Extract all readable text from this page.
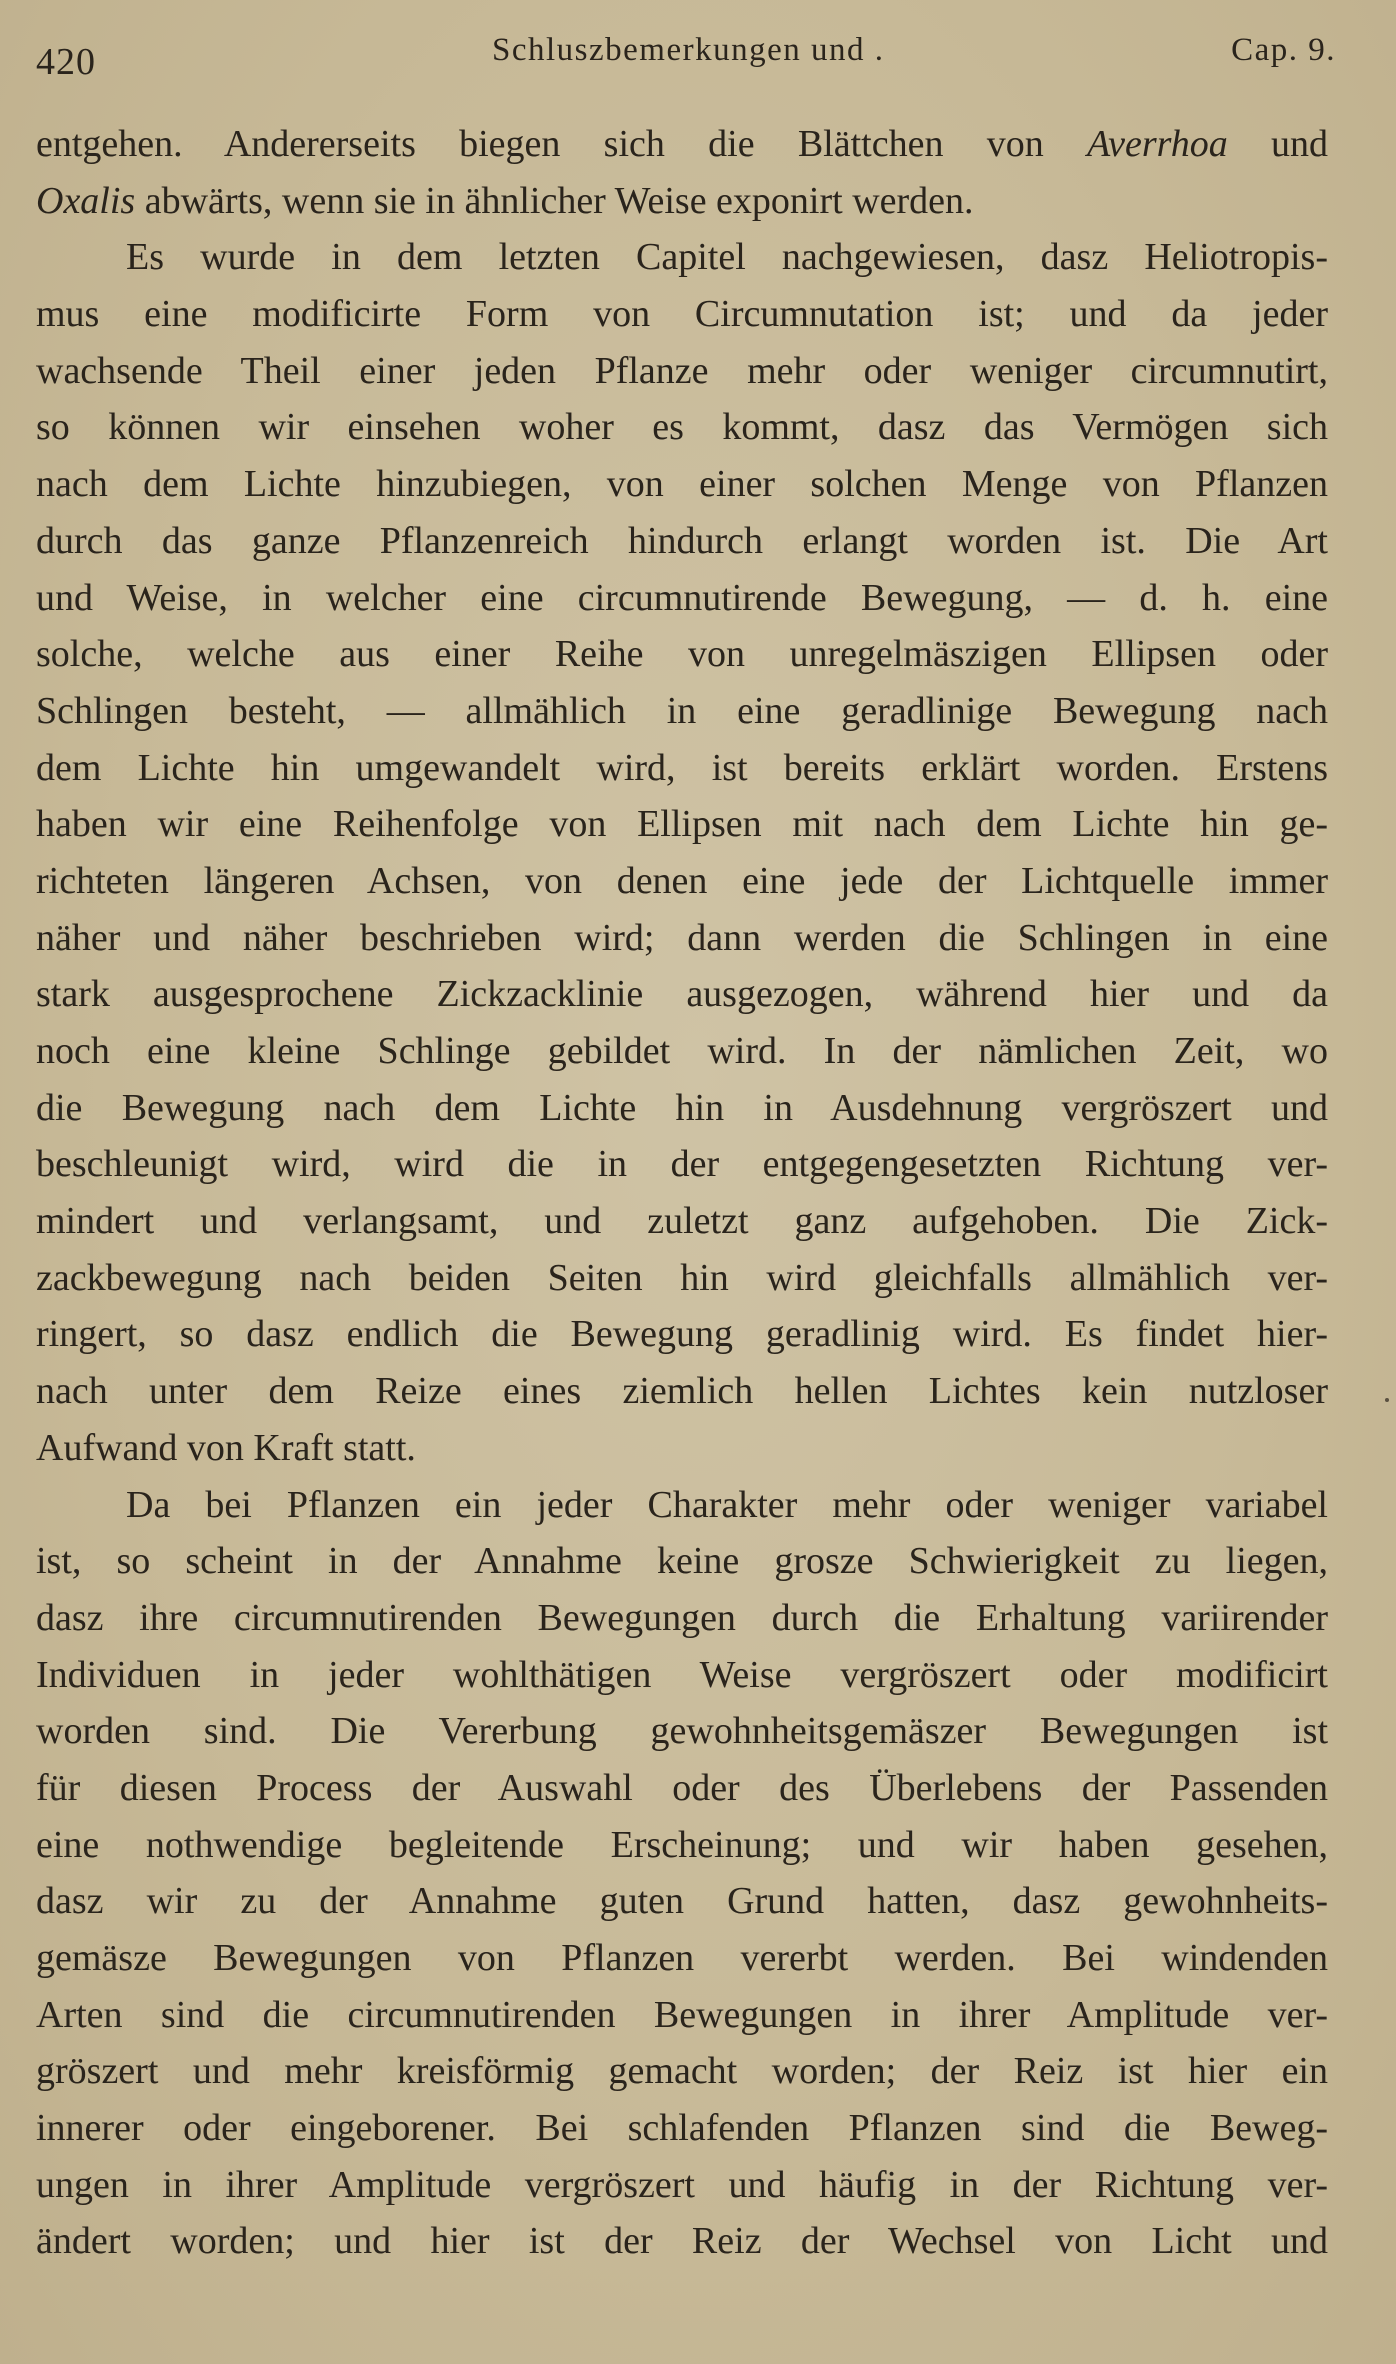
420	Schluszbemerkungen und .	Cap. 9.
entgehen. Andererseits biegen sich die Blättchen von Averrhoa und
Oxalis abwärts, wenn sie in ähnlicher Weise exponirt werden.
Es wurde in dem letzten Capitel nachgewiesen, dasz Heliotropis-
mus eine modificirte Form von Circumnutation ist; und da jeder
wachsende Theil einer jeden Pflanze mehr oder weniger circumnutirt,
so können wir einsehen woher es kommt, dasz das Vermögen sich
nach dem Lichte hinzubiegen, von einer solchen Menge von Pflanzen
durch das ganze Pflanzenreich hindurch erlangt worden ist. Die Art
und Weise, in welcher eine circumnutirende Bewegung, — d. h. eine
solche, welche aus einer Reihe von unregelmäszigen Ellipsen oder
Schlingen besteht, — allmählich in eine geradlinige Bewegung nach
dem Lichte hin umgewandelt wird, ist bereits erklärt worden. Erstens
haben wir eine Reihenfolge von Ellipsen mit nach dem Lichte hin ge-
richteten längeren Achsen, von denen eine jede der Lichtquelle immer
näher und näher beschrieben wird; dann werden die Schlingen in eine
stark ausgesprochene Zickzacklinie ausgezogen, während hier und da
noch eine kleine Schlinge gebildet wird. In der nämlichen Zeit, wo
die Bewegung nach dem Lichte hin in Ausdehnung vergröszert und
beschleunigt wird, wird die in der entgegengesetzten Richtung ver-
mindert und verlangsamt, und zuletzt ganz aufgehoben. Die Zick-
zackbewegung nach beiden Seiten hin wird gleichfalls allmählich ver-
ringert, so dasz endlich die Bewegung geradlinig wird. Es findet hier-
nach unter dem Reize eines ziemlich hellen Lichtes kein nutzloser
Aufwand von Kraft statt.
Da bei Pflanzen ein jeder Charakter mehr oder weniger variabel
ist, so scheint in der Annahme keine grosze Schwierigkeit zu liegen,
dasz ihre circumnutirenden Bewegungen durch die Erhaltung variirender
Individuen in jeder wohlthätigen Weise vergröszert oder modificirt
worden sind. Die Vererbung gewohnheitsgemäszer Bewegungen ist
für diesen Process der Auswahl oder des Überlebens der Passenden
eine nothwendige begleitende Erscheinung; und wir haben gesehen,
dasz wir zu der Annahme guten Grund hatten, dasz gewohnheits-
gemäsze Bewegungen von Pflanzen vererbt werden. Bei windenden
Arten sind die circumnutirenden Bewegungen in ihrer Amplitude ver-
gröszert und mehr kreisförmig gemacht worden; der Reiz ist hier ein
innerer oder eingeborener. Bei schlafenden Pflanzen sind die Beweg-
ungen in ihrer Amplitude vergröszert und häufig in der Richtung ver-
ändert worden; und hier ist der Reiz der Wechsel von Licht und
